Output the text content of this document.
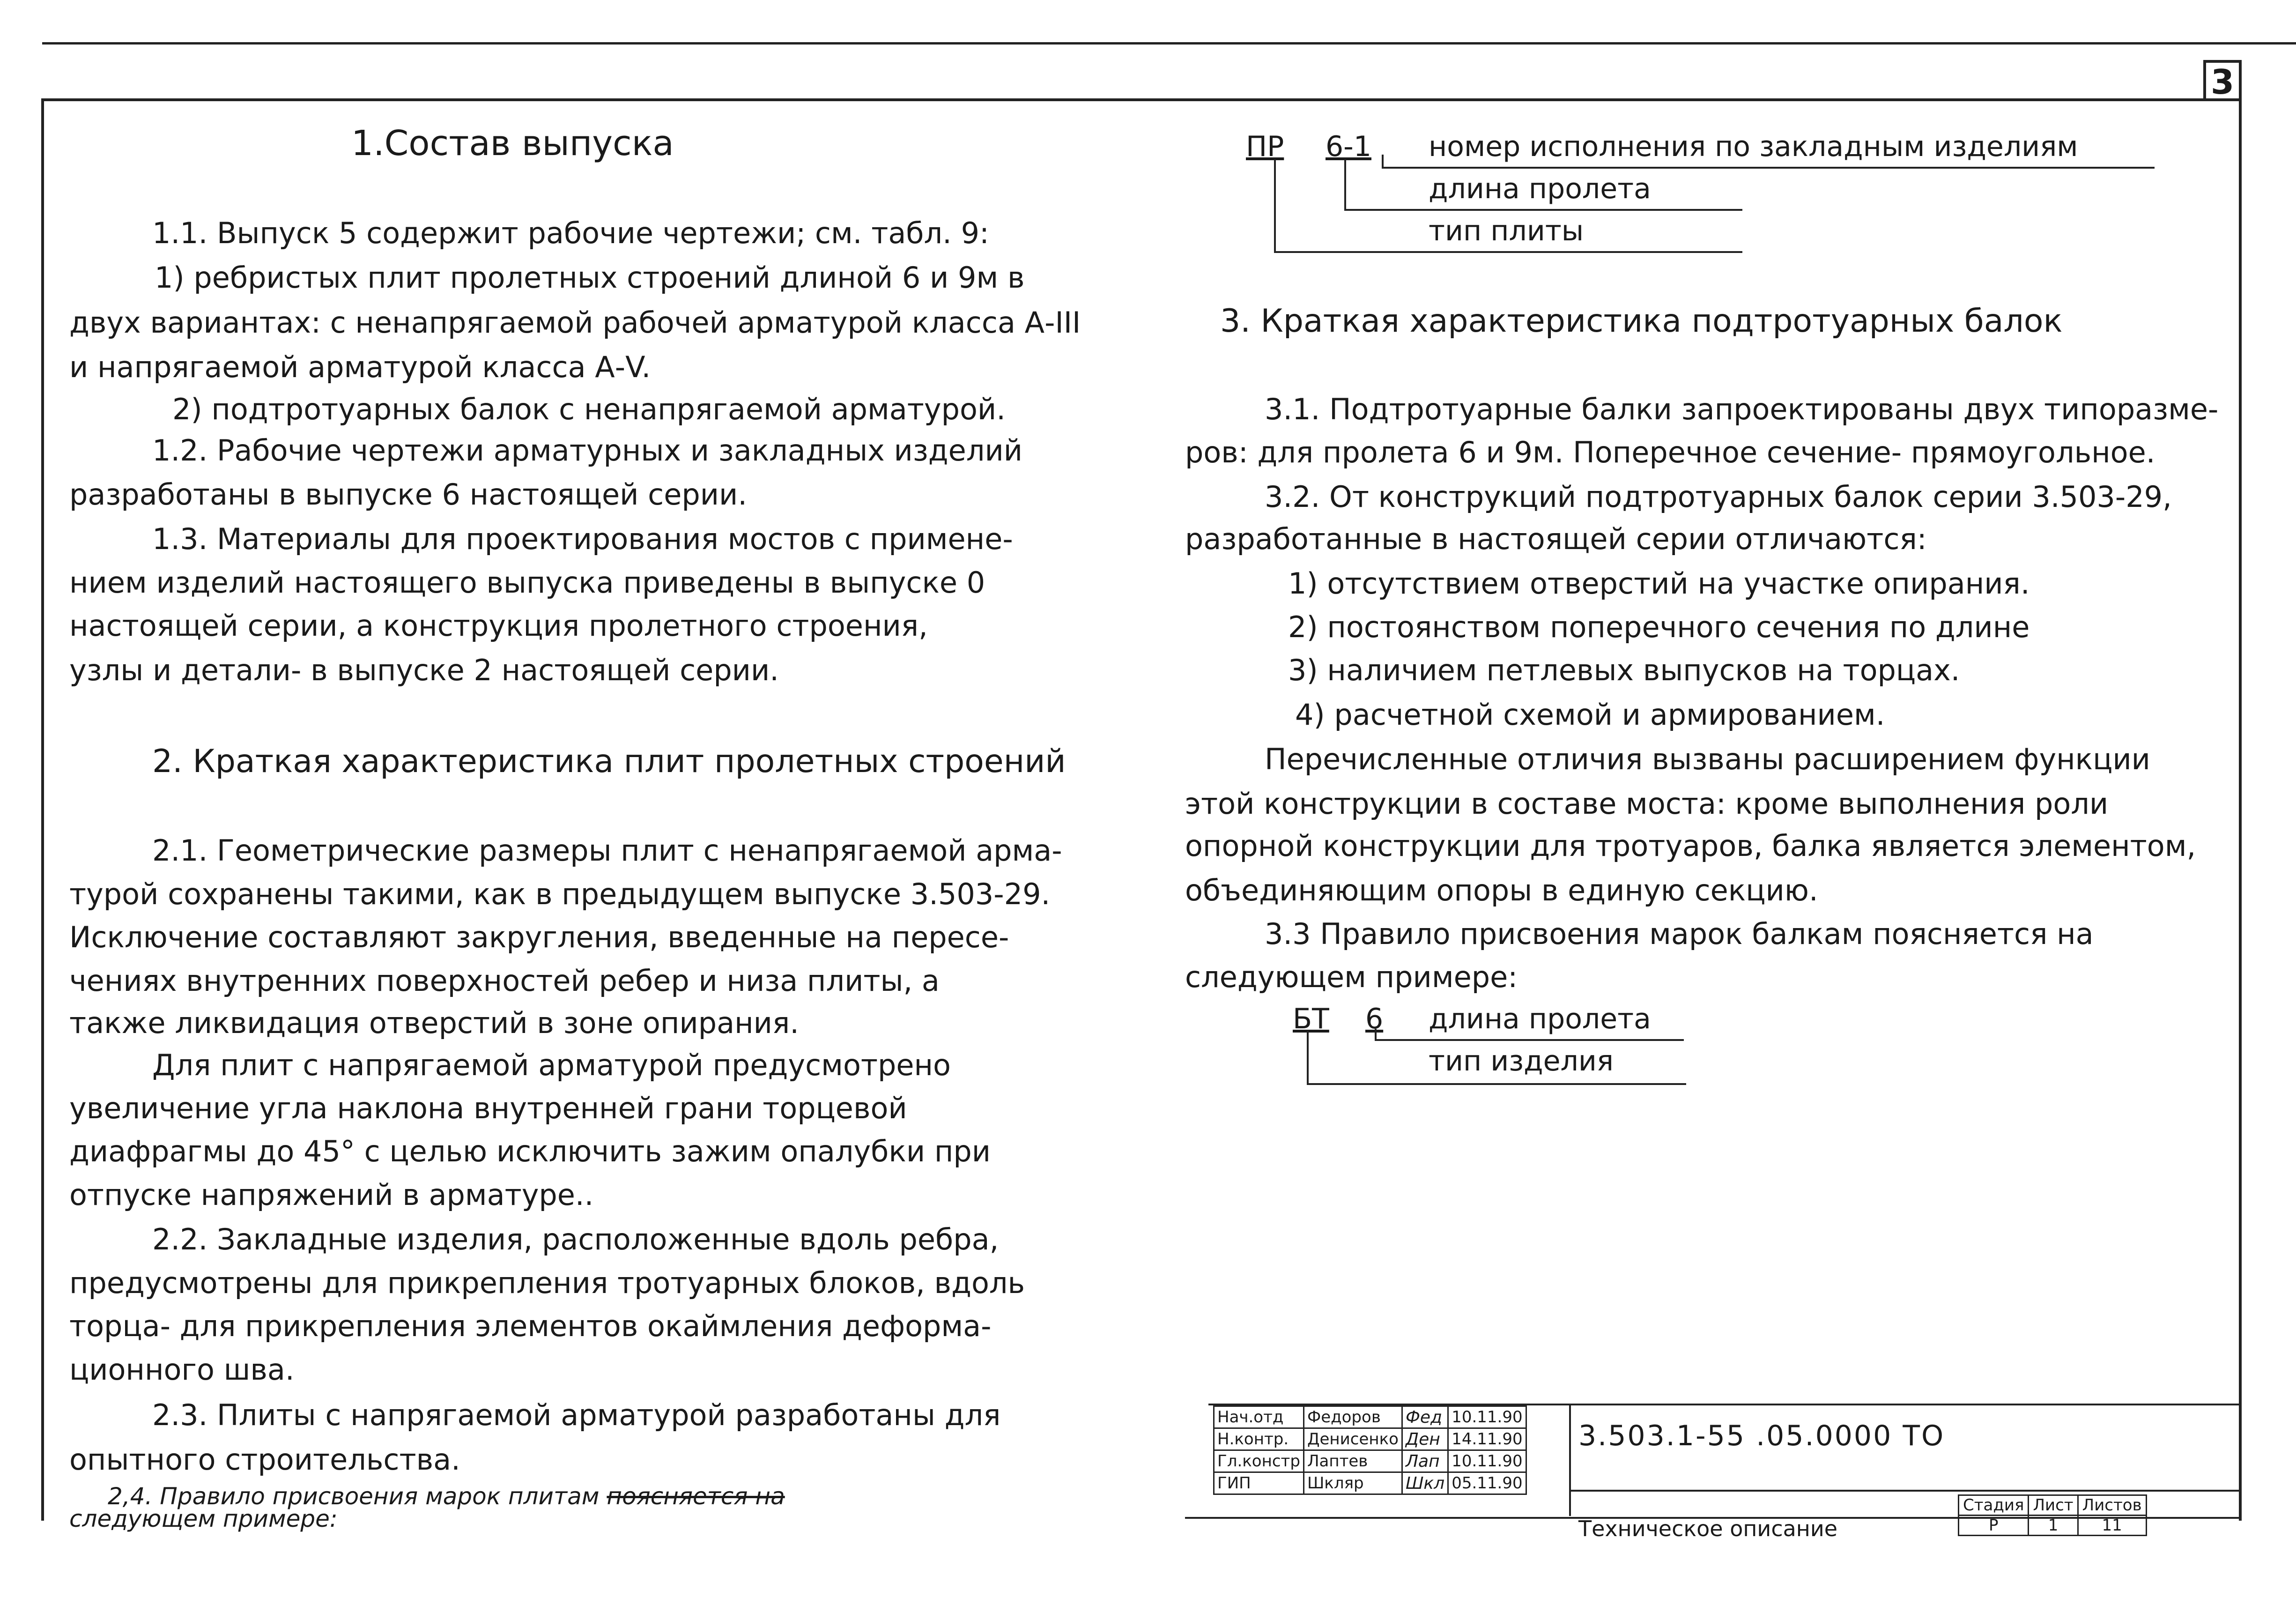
3
1.Состав выпуска
1.1. Выпуск 5 содержит рабочие чертежи; см. табл. 9:
1) ребристых плит пролетных строений длиной 6 и 9м в
двух вариантах: с ненапрягаемой рабочей арматурой класса А-III
и напрягаемой арматурой класса А-V.
2) подтротуарных балок с ненапрягаемой арматурой.
1.2. Рабочие чертежи арматурных и закладных изделий
разработаны в выпуске 6 настоящей серии.
1.3. Материалы для проектирования мостов с примене-
нием изделий настоящего выпуска приведены в выпуске 0
настоящей серии, а конструкция пролетного строения,
узлы и детали- в выпуске 2 настоящей серии.
2. Краткая характеристика плит пролетных строений
2.1. Геометрические размеры плит с ненапрягаемой арма-
турой сохранены такими, как в предыдущем выпуске 3.503-29.
Исключение составляют закругления, введенные на пересе-
чениях внутренних поверхностей ребер и низа плиты, а
также ликвидация отверстий в зоне опирания.
Для плит с напрягаемой арматурой предусмотрено
увеличение угла наклона внутренней грани торцевой
диафрагмы до 45° с целью исключить зажим опалубки при
отпуске напряжений в арматуре..
2.2. Закладные изделия, расположенные вдоль ребра,
предусмотрены для прикрепления тротуарных блоков, вдоль
торца- для прикрепления элементов окаймления деформа-
ционного шва.
2.3. Плиты с напрягаемой арматурой разработаны для
опытного строительства.
2,4. Правило присвоения марок плитам поясняется на
следующем примере:
ПР 6-1 номер исполнения по закладным изделиям
длина пролета
тип плиты
3. Краткая характеристика подтротуарных балок
3.1. Подтротуарные балки запроектированы двух типоразме-
ров: для пролета 6 и 9м. Поперечное сечение- прямоугольное.
3.2. От конструкций подтротуарных балок серии 3.503-29,
разработанные в настоящей серии отличаются:
1) отсутствием отверстий на участке опирания.
2) постоянством поперечного сечения по длине
3) наличием петлевых выпусков на торцах.
4) расчетной схемой и армированием.
Перечисленные отличия вызваны расширением функции
этой конструкции в составе моста: кроме выполнения роли
опорной конструкции для тротуаров, балка является элементом,
объединяющим опоры в единую секцию.
3.3 Правило присвоения марок балкам поясняется на
следующем примере:
БТ 6 длина пролета
тип изделия
Нач.отд	Федоров	Фед	10.11.90
Н.контр.	Денисенко	Ден	14.11.90
Гл.констр	Лаптев	Лап	10.11.90
ГИП	Шкляр	Шкл	05.11.90
3.503.1-55 .05.0000 ТО
Стадия	Лист	Листов
Р	1	11
Техническое описание
